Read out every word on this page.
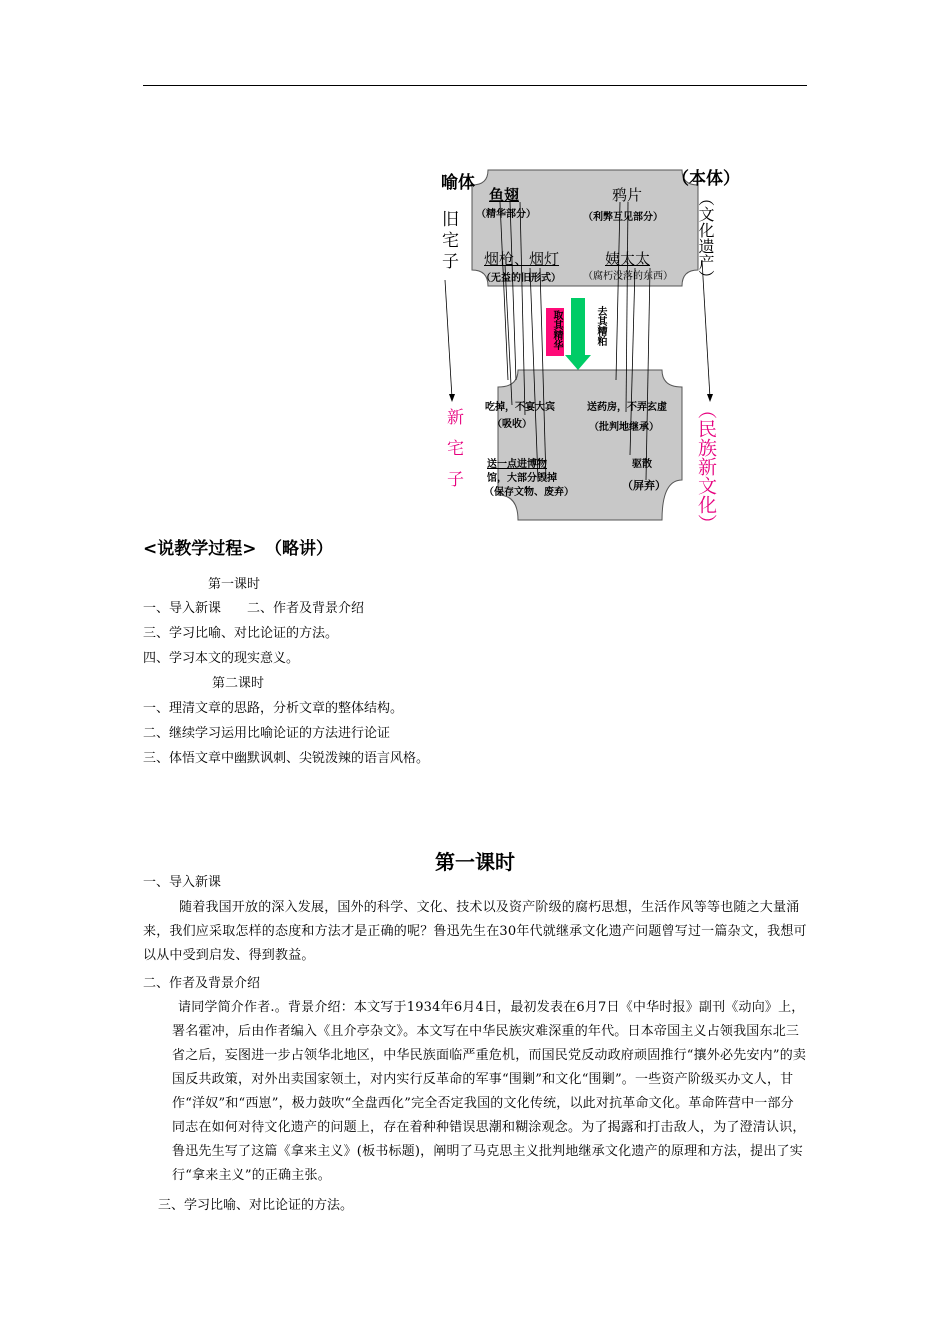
喻体	（本体）
旧宅子	（文化遗产）
新宅子	（民族新文化）
鱼翅
（精华部分）
鸦片
（利弊互见部分）
烟枪、烟灯
（无益的旧形式）
姨太太
（腐朽没落的东西）
取其精华	去其糟粕
吃掉，不宴大宾
（吸收）
送药房，不弄玄虚
（批判地继承）
送一点进博物
馆，大部分毁掉
（保存文物、废弃）
驱散
（屏弃）
<说教学过程>　（略讲）
第一课时
一、导入新课　　二、作者及背景介绍
三、学习比喻、对比论证的方法。
四、学习本文的现实意义。
第二课时
一、理清文章的思路，分析文章的整体结构。
二、继续学习运用比喻论证的方法进行论证
三、体悟文章中幽默讽刺、尖锐泼辣的语言风格。
第一课时
一、导入新课
随着我国开放的深入发展，国外的科学、文化、技术以及资产阶级的腐朽思想，生活作风等等也随之大量涌来，我们应采取怎样的态度和方法才是正确的呢？鲁迅先生在30年代就继承文化遗产问题曾写过一篇杂文，我想可以从中受到启发、得到教益。
二、作者及背景介绍
请同学简介作者.。背景介绍：本文写于1934年6月4日，最初发表在6月7日《中华时报》副刊《动向》上，署名霍冲，后由作者编入《且介亭杂文》。本文写在中华民族灾难深重的年代。日本帝国主义占领我国东北三省之后，妄图进一步占领华北地区，中华民族面临严重危机，而国民党反动政府顽固推行“攘外必先安内”的卖国反共政策，对外出卖国家领土，对内实行反革命的军事“围剿”和文化“围剿”。一些资产阶级买办文人，甘作“洋奴”和“西崽”，极力鼓吹“全盘西化”完全否定我国的文化传统，以此对抗革命文化。革命阵营中一部分同志在如何对待文化遗产的问题上，存在着种种错误思潮和糊涂观念。为了揭露和打击敌人，为了澄清认识，鲁迅先生写了这篇《拿来主义》(板书标题)，阐明了马克思主义批判地继承文化遗产的原理和方法，提出了实行“拿来主义”的正确主张。
三、学习比喻、对比论证的方法。
